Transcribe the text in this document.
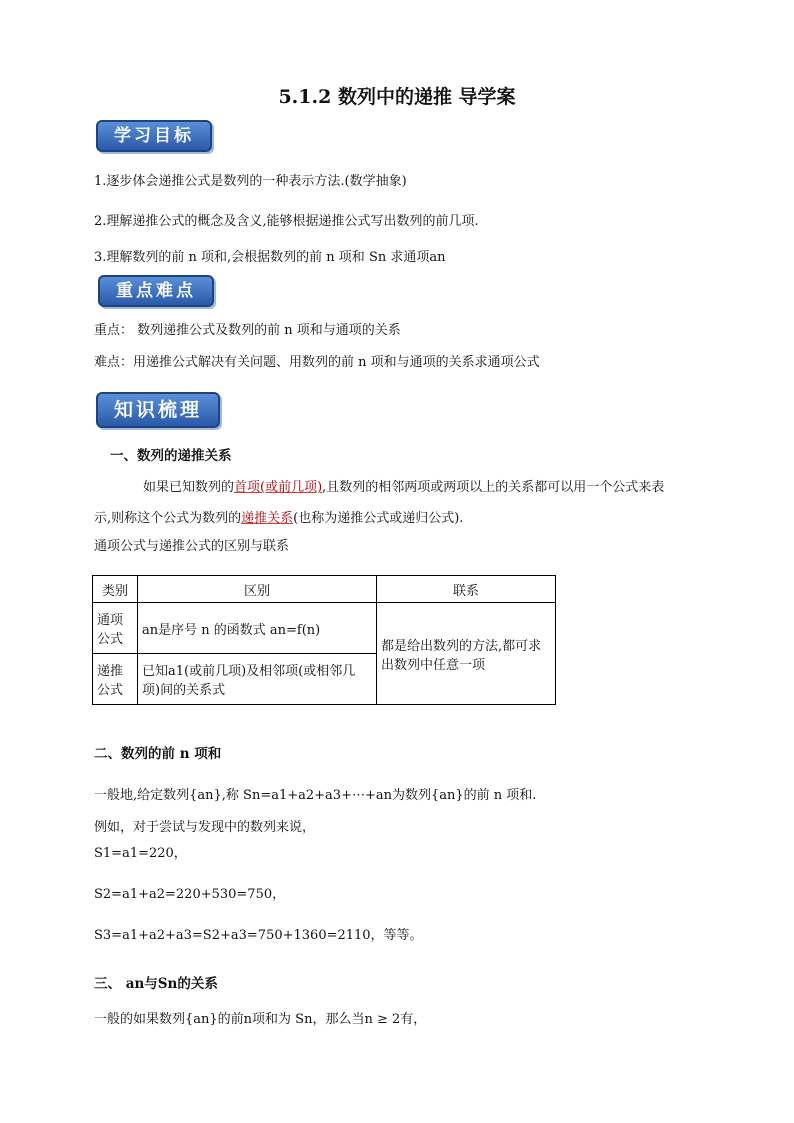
5.1.2 数列中的递推 导学案
学习目标
1.逐步体会递推公式是数列的一种表示方法.(数学抽象)
2.理解递推公式的概念及含义,能够根据递推公式写出数列的前几项.
3.理解数列的前 n 项和,会根据数列的前 n 项和 Sn 求通项an
重点难点
重点： 数列递推公式及数列的前 n 项和与通项的关系
难点：用递推公式解决有关问题、用数列的前 n 项和与通项的关系求通项公式
知识梳理
一、数列的递推关系
如果已知数列的首项(或前几项),且数列的相邻两项或两项以上的关系都可以用一个公式来表
示,则称这个公式为数列的递推关系(也称为递推公式或递归公式).
通项公式与递推公式的区别与联系
类别	区别	联系
通项公式	an是序号 n 的函数式 an=f(n)	都是给出数列的方法,都可求出数列中任意一项
递推公式	已知a1(或前几项)及相邻项(或相邻几项)间的关系式	
二、数列的前 n 项和
一般地,给定数列{an},称 Sn=a1+a2+a3+⋯+an为数列{an}的前 n 项和.
例如，对于尝试与发现中的数列来说，
S1=a1=220，
S2=a1+a2=220+530=750，
S3=a1+a2+a3=S2+a3=750+1360=2110，等等。
三、 an与Sn的关系
一般的如果数列{an}的前n项和为 Sn，那么当n ≥ 2有，
